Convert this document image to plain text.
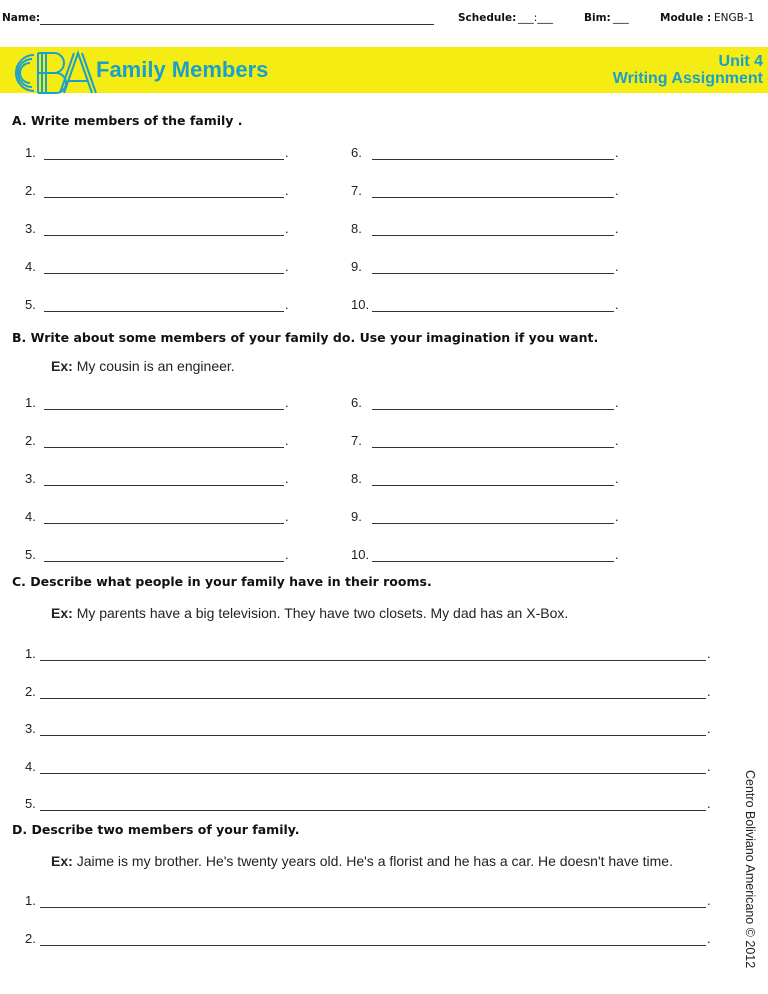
Name:	Schedule: ___:___	Bim: ___	Module : ENGB-1
Family Members	Unit 4
Writing Assignment
A. Write members of the family .
1.	.
2.	.
3.	.
4.	.
5.	.
6.	.
7.	.
8.	.
9.	.
10.	.
B. Write about some members of your family do. Use your imagination if you want.
Ex: My cousin is an engineer.
1.	.
2.	.
3.	.
4.	.
5.	.
6.	.
7.	.
8.	.
9.	.
10.	.
C. Describe what people in your family have in their rooms.
Ex: My parents have a big television. They have two closets. My dad has an X-Box.
1.	.
2.	.
3.	.
4.	.
5.	.
D. Describe two members of your family.
Ex: Jaime is my brother. He's twenty years old. He's a florist and he has a car. He doesn't have time.
1.	.
2.	.	Centro Boliviano Americano © 2012
